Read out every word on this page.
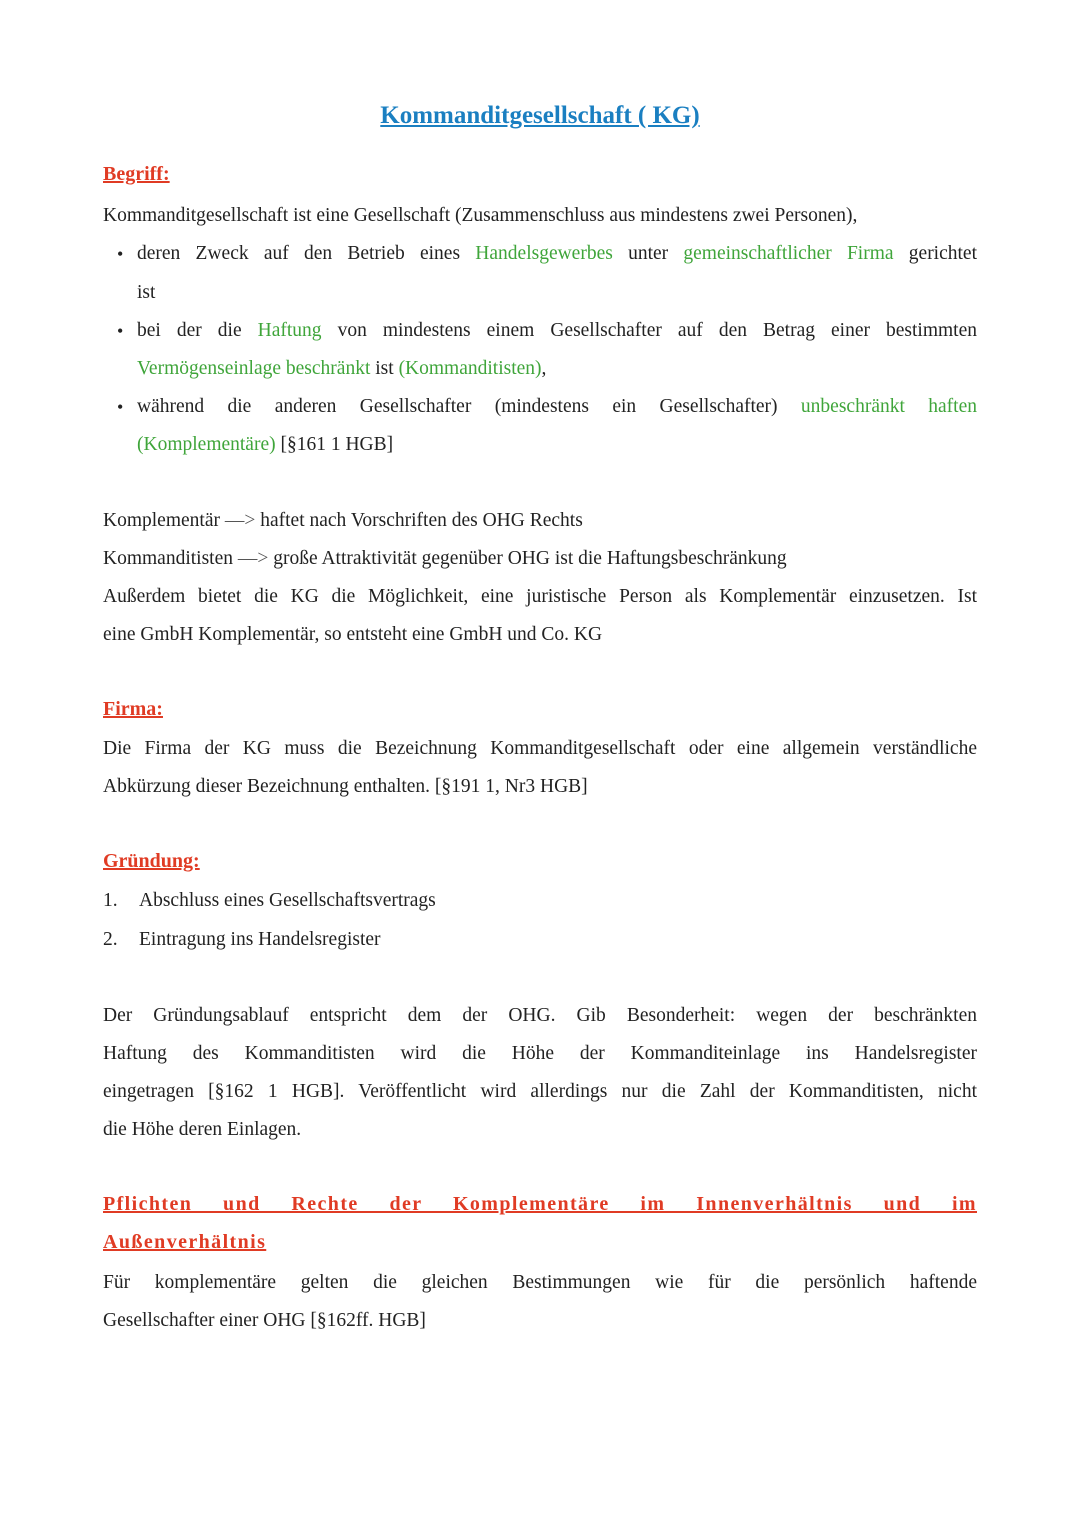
Kommanditgesellschaft ( KG)
Begriff:
Kommanditgesellschaft ist eine Gesellschaft (Zusammenschluss aus mindestens zwei Personen),
• deren Zweck auf den Betrieb eines Handelsgewerbes unter gemeinschaftlicher Firma gerichtet
ist
• bei der die Haftung von mindestens einem Gesellschafter auf den Betrag einer bestimmten
Vermögenseinlage beschränkt ist (Kommanditisten),
• während die anderen Gesellschafter (mindestens ein Gesellschafter) unbeschränkt haften
(Komplementäre) [§161 1 HGB]
Komplementär —> haftet nach Vorschriften des OHG Rechts
Kommanditisten —> große Attraktivität gegenüber OHG ist die Haftungsbeschränkung
Außerdem bietet die KG die Möglichkeit, eine juristische Person als Komplementär einzusetzen. Ist
eine GmbH Komplementär, so entsteht eine GmbH und Co. KG
Firma:
Die Firma der KG muss die Bezeichnung Kommanditgesellschaft oder eine allgemein verständliche
Abkürzung dieser Bezeichnung enthalten. [§191 1, Nr3 HGB]
Gründung:
1. Abschluss eines Gesellschaftsvertrags
2. Eintragung ins Handelsregister
Der Gründungsablauf entspricht dem der OHG. Gib Besonderheit: wegen der beschränkten
Haftung des Kommanditisten wird die Höhe der Kommanditeinlage ins Handelsregister
eingetragen [§162 1 HGB]. Veröffentlicht wird allerdings nur die Zahl der Kommanditisten, nicht
die Höhe deren Einlagen.
Pflichten und Rechte der Komplementäre im Innenverhältnis und im
Außenverhältnis
Für komplementäre gelten die gleichen Bestimmungen wie für die persönlich haftende
Gesellschafter einer OHG [§162ff. HGB]
